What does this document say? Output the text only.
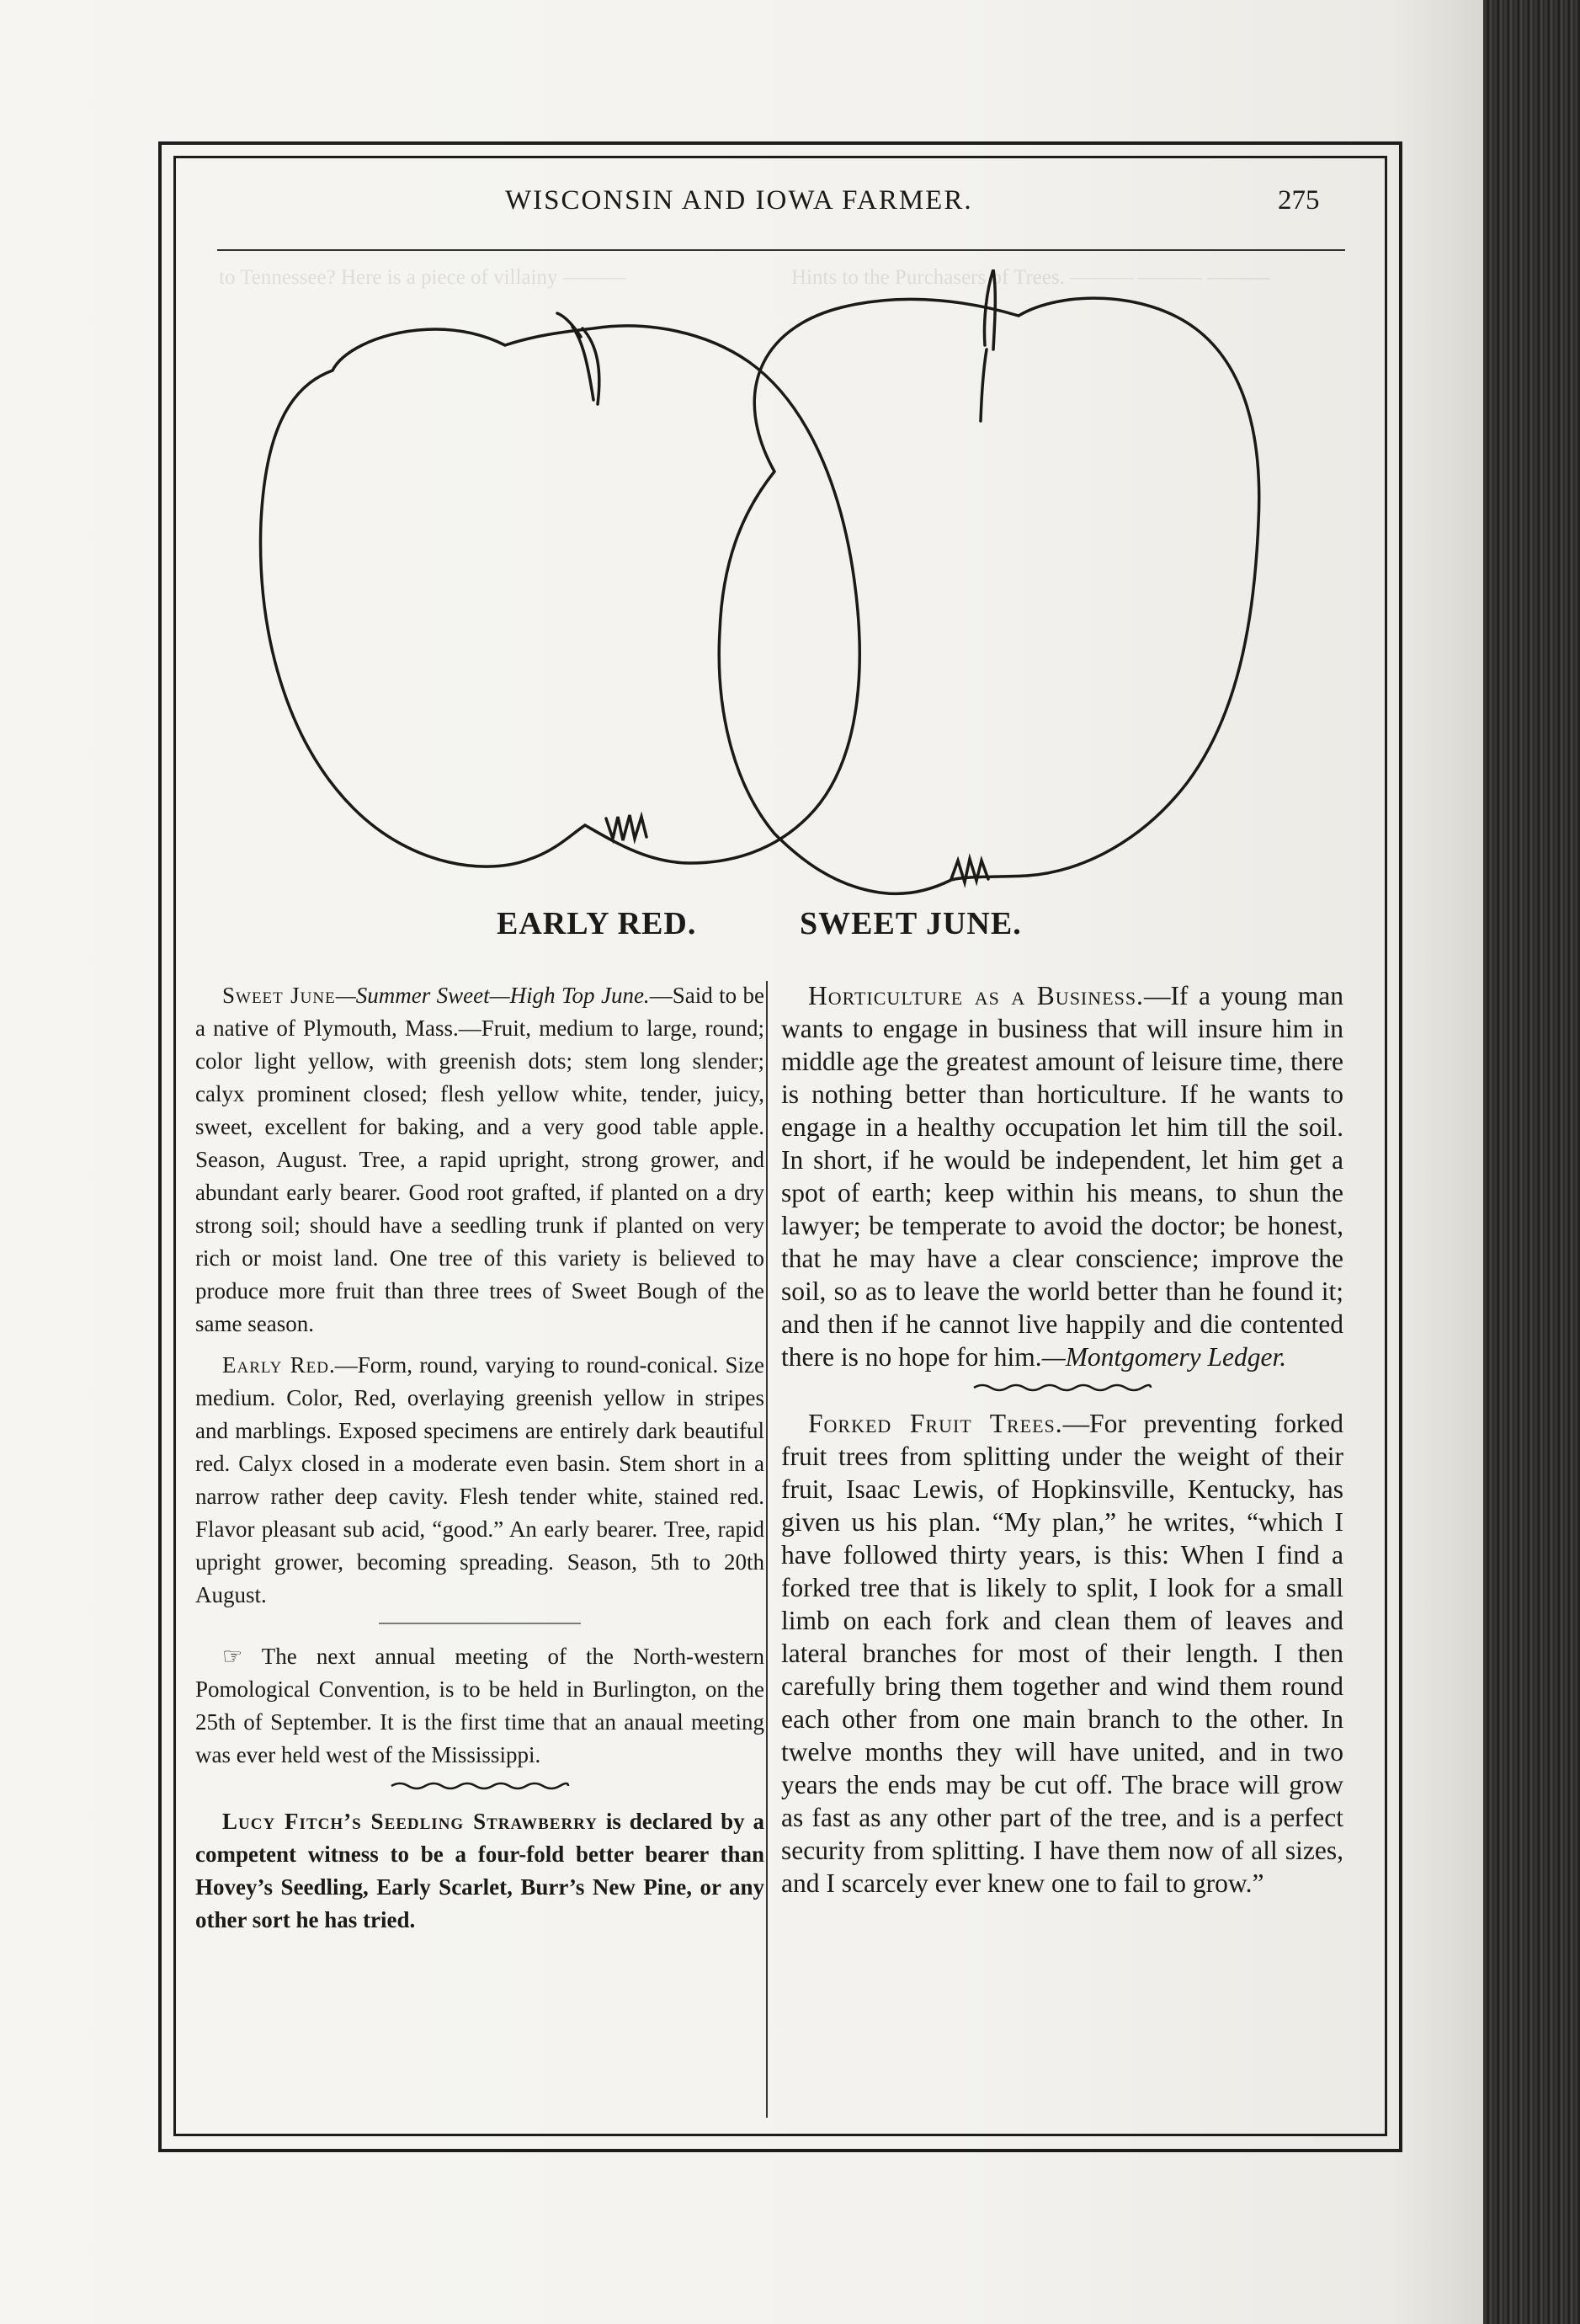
WISCONSIN AND IOWA FARMER.	275
EARLY RED.	SWEET JUNE.

Sweet June—Summer Sweet—High Top June.—Said to be a native of Plymouth, Mass.—Fruit, medium to large, round; color light yellow, with greenish dots; stem long slender; calyx prominent closed; flesh yellow white, tender, juicy, sweet, excellent for baking, and a very good table apple. Season, August. Tree, a rapid upright, strong grower, and abundant early bearer. Good root grafted, if planted on a dry strong soil; should have a seedling trunk if planted on very rich or moist land. One tree of this variety is believed to produce more fruit than three trees of Sweet Bough of the same season.

Early Red.—Form, round, varying to round-conical. Size medium. Color, Red, overlaying greenish yellow in stripes and marblings. Exposed specimens are entirely dark beautiful red. Calyx closed in a moderate even basin. Stem short in a narrow rather deep cavity. Flesh tender white, stained red. Flavor pleasant sub acid, “good.” An early bearer. Tree, rapid upright grower, becoming spreading. Season, 5th to 20th August.

☞ The next annual meeting of the North-western Pomological Convention, is to be held in Burlington, on the 25th of September. It is the first time that an anaual meeting was ever held west of the Mississippi.

Lucy Fitch’s Seedling Strawberry is declared by a competent witness to be a four-fold better bearer than Hovey’s Seedling, Early Scarlet, Burr’s New Pine, or any other sort he has tried.

Horticulture as a Business.—If a young man wants to engage in business that will insure him in middle age the greatest amount of leisure time, there is nothing better than horticulture. If he wants to engage in a healthy occupation let him till the soil. In short, if he would be independent, let him get a spot of earth; keep within his means, to shun the lawyer; be temperate to avoid the doctor; be honest, that he may have a clear conscience; improve the soil, so as to leave the world better than he found it; and then if he cannot live happily and die contented there is no hope for him.—Montgomery Ledger.

Forked Fruit Trees.—For preventing forked fruit trees from splitting under the weight of their fruit, Isaac Lewis, of Hopkinsville, Kentucky, has given us his plan. “My plan,” he writes, “which I have followed thirty years, is this: When I find a forked tree that is likely to split, I look for a small limb on each fork and clean them of leaves and lateral branches for most of their length. I then carefully bring them together and wind them round each other from one main branch to the other. In twelve months they will have united, and in two years the ends may be cut off. The brace will grow as fast as any other part of the tree, and is a perfect security from splitting. I have them now of all sizes, and I scarcely ever knew one to fail to grow.”
